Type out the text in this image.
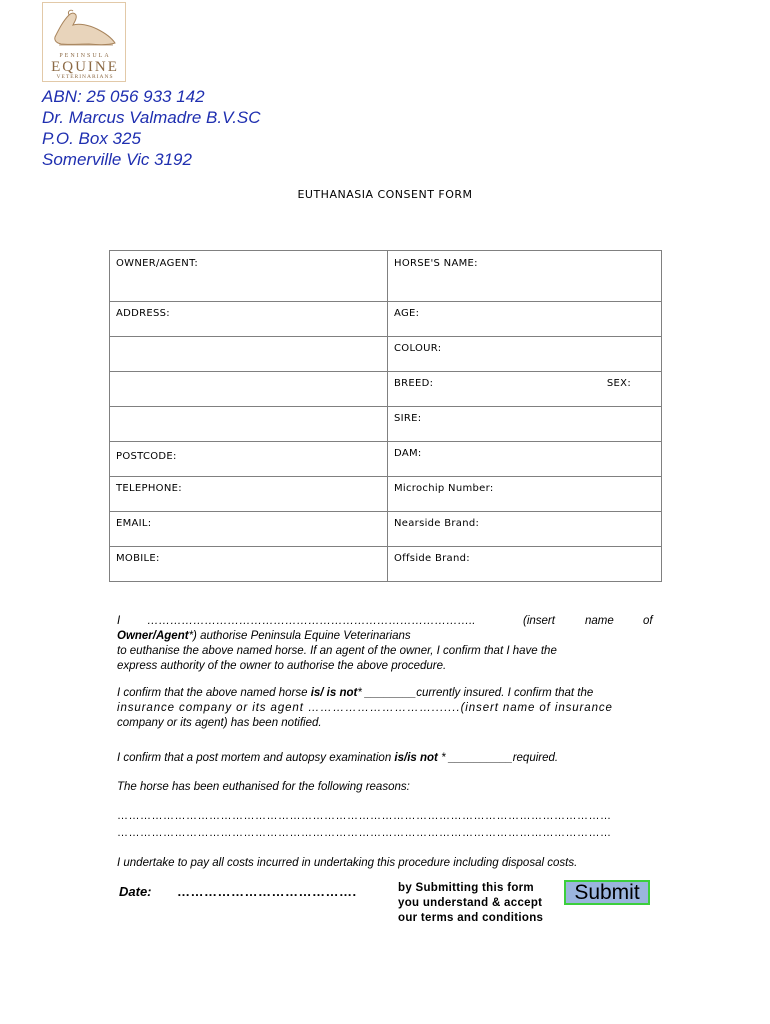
PENINSULA
EQUINE
VETERINARIANS
ABN: 25 056 933 142
Dr. Marcus Valmadre B.V.SC
P.O. Box 325
Somerville Vic 3192
EUTHANASIA CONSENT FORM
OWNER/AGENT:	HORSE'S NAME:

ADDRESS:	AGE:

	COLOUR:

	BREED: SEX:

	SIRE:

POSTCODE:	DAM:

TELEPHONE:	Microchip Number:

EMAIL:	Nearside Brand:

MOBILE:	Offside Brand:
I …………………………………………………………………………..	(insert	name	of
Owner/Agent*) authorise Peninsula Equine Veterinarians
to euthanise the above named horse. If an agent of the owner, I confirm that I have the
express authority of the owner to authorise the above procedure.
I confirm that the above named horse is/ is not* ________currently insured. I confirm that the
insurance company or its agent ………………………….......(insert name of insurance
company or its agent) has been notified.
I confirm that a post mortem and autopsy examination is/is not * __________required.
The horse has been euthanised for the following reasons:
…………………………………………………………………………………………………………………
…………………………………………………………………………………………………………………
I undertake to pay all costs incurred in undertaking this procedure including disposal costs.
Date: ………………………………….	by Submitting this form
you understand & accept
our terms and conditions
Submit
